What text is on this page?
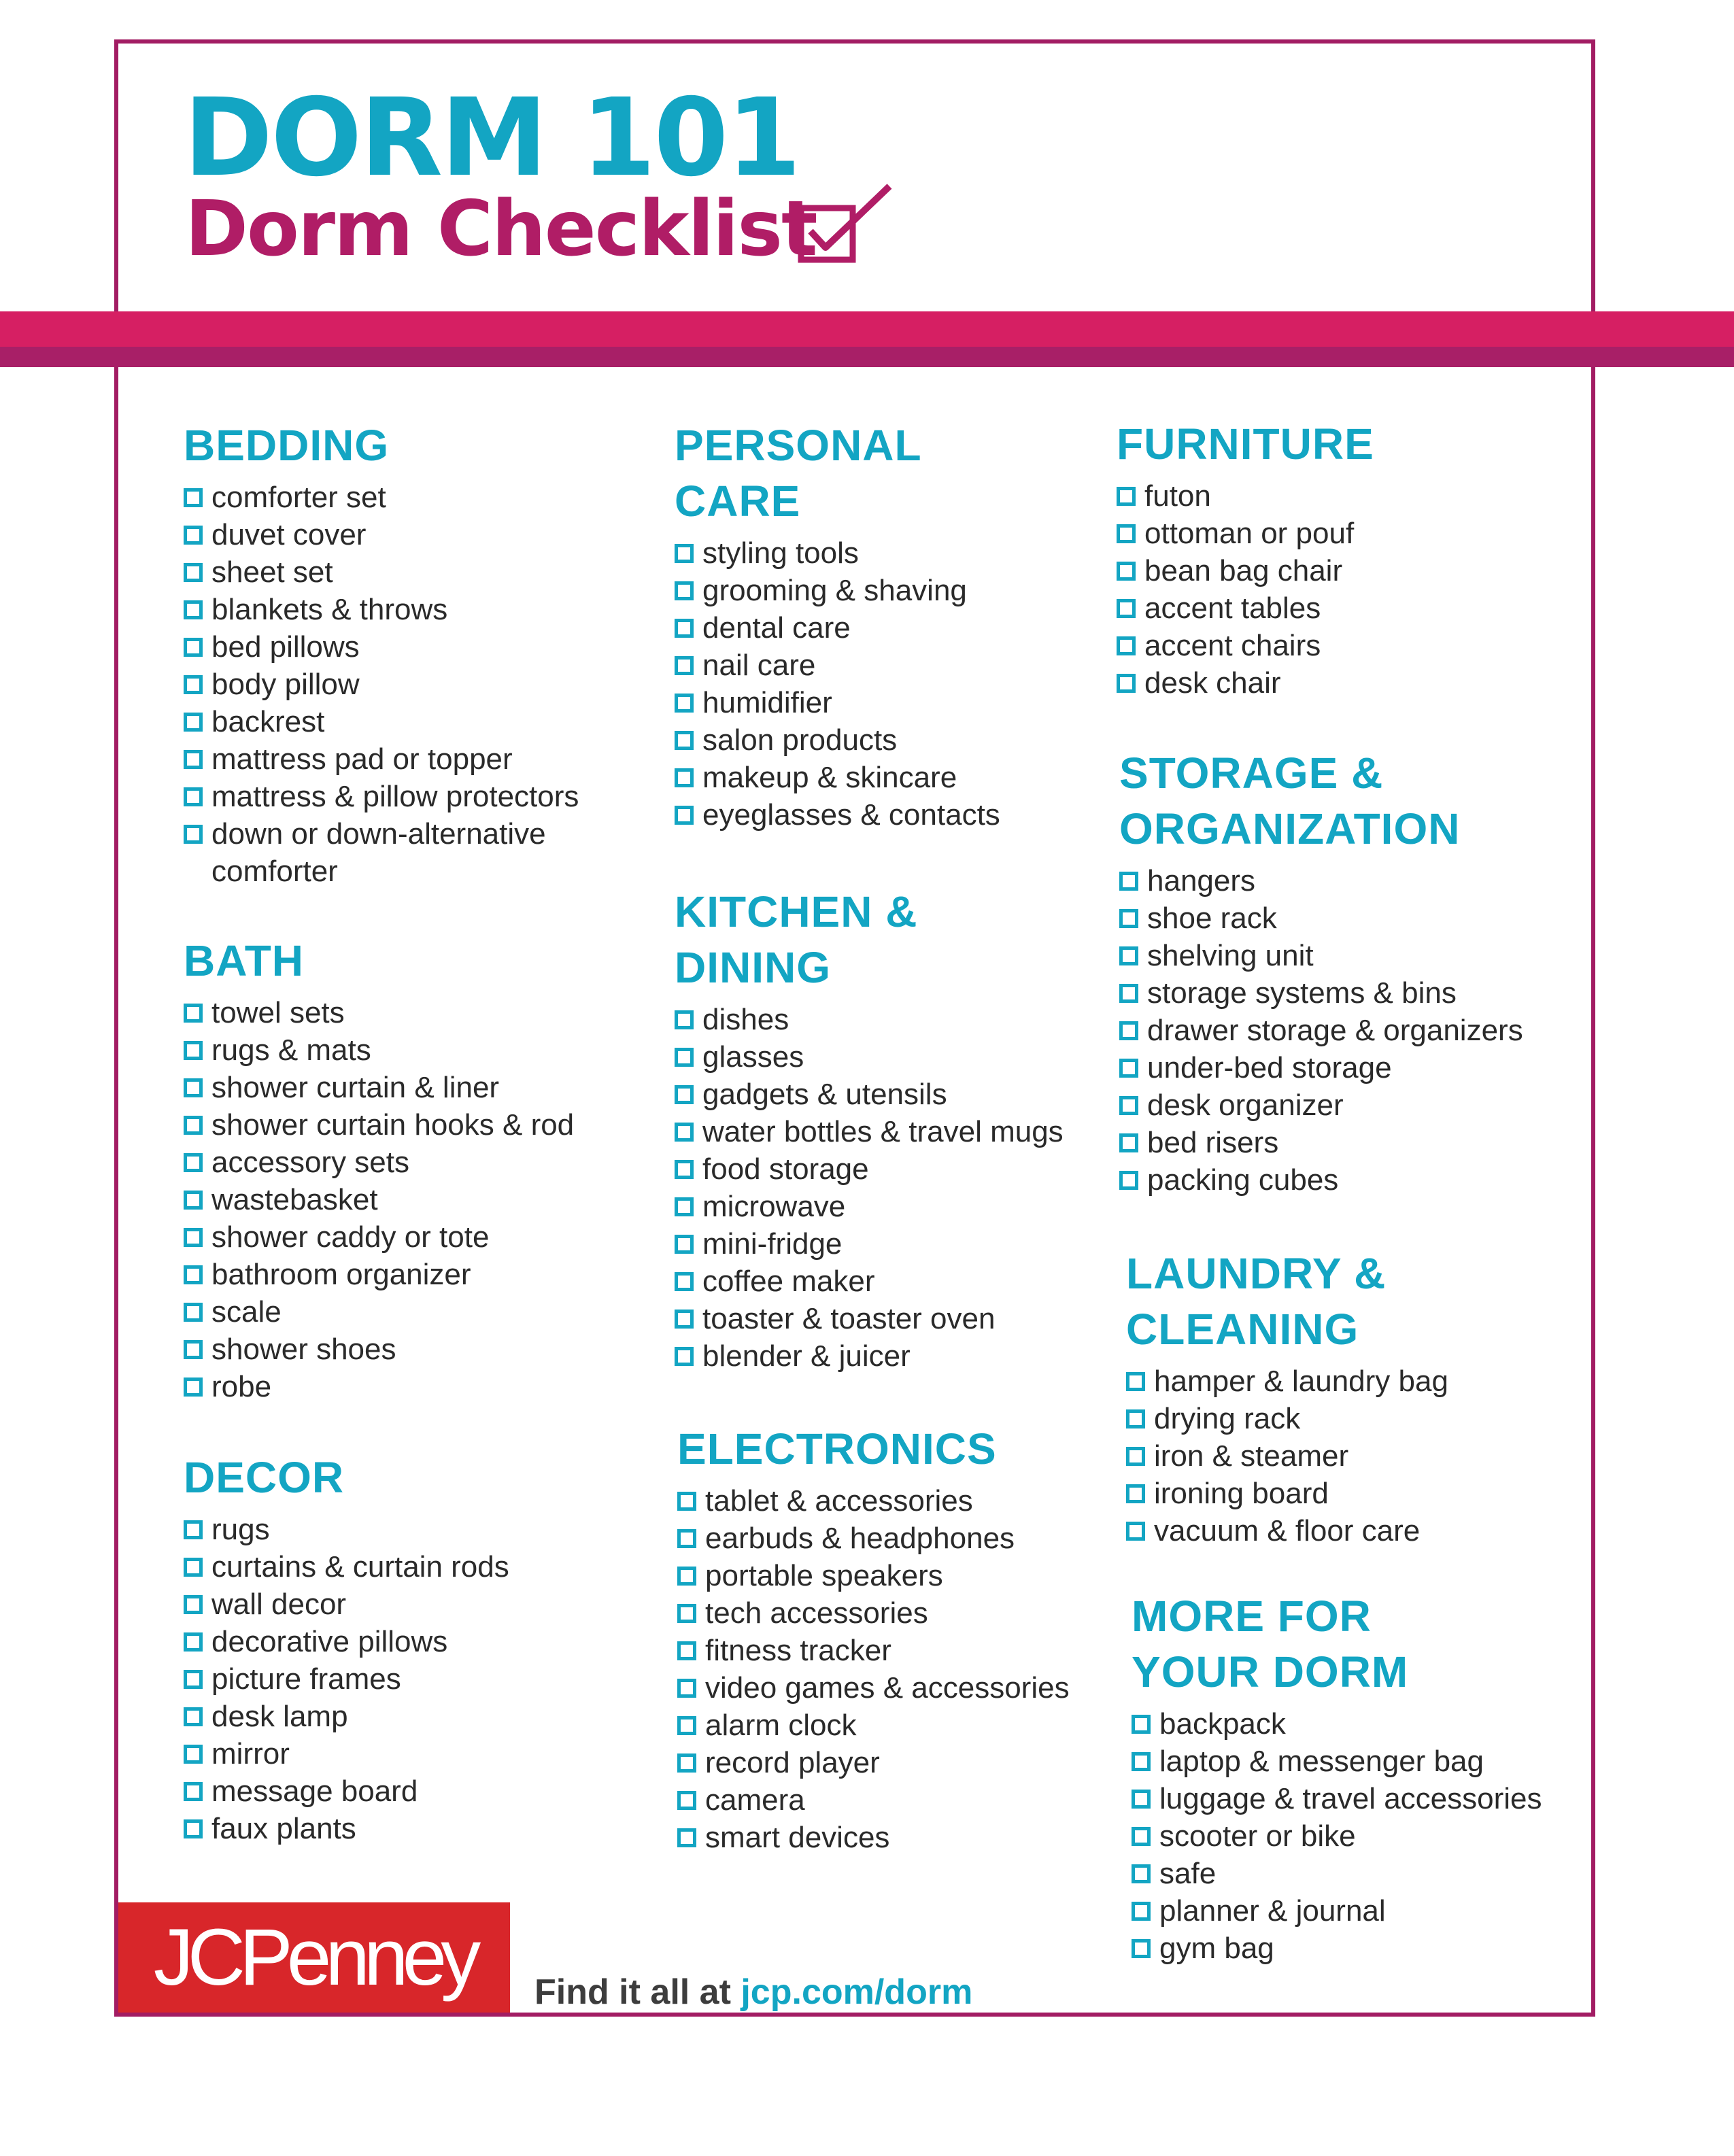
DORM 101
Dorm Checklist
BEDDING
comforter set
duvet cover
sheet set
blankets & throws
bed pillows
body pillow
backrest
mattress pad or topper
mattress & pillow protectors
down or down-alternative comforter
BATH
towel sets
rugs & mats
shower curtain & liner
shower curtain hooks & rod
accessory sets
wastebasket
shower caddy or tote
bathroom organizer
scale
shower shoes
robe
DECOR
rugs
curtains & curtain rods
wall decor
decorative pillows
picture frames
desk lamp
mirror
message board
faux plants
PERSONAL
CARE
styling tools
grooming & shaving
dental care
nail care
humidifier
salon products
makeup & skincare
eyeglasses & contacts
KITCHEN &
DINING
dishes
glasses
gadgets & utensils
water bottles & travel mugs
food storage
microwave
mini-fridge
coffee maker
toaster & toaster oven
blender & juicer
ELECTRONICS
tablet & accessories
earbuds & headphones
portable speakers
tech accessories
fitness tracker
video games & accessories
alarm clock
record player
camera
smart devices
FURNITURE
futon
ottoman or pouf
bean bag chair
accent tables
accent chairs
desk chair
STORAGE &
ORGANIZATION
hangers
shoe rack
shelving unit
storage systems & bins
drawer storage & organizers
under-bed storage
desk organizer
bed risers
packing cubes
LAUNDRY &
CLEANING
hamper & laundry bag
drying rack
iron & steamer
ironing board
vacuum & floor care
MORE FOR
YOUR DORM
backpack
laptop & messenger bag
luggage & travel accessories
scooter or bike
safe
planner & journal
gym bag
JCPenney Find it all at jcp.com/dorm
